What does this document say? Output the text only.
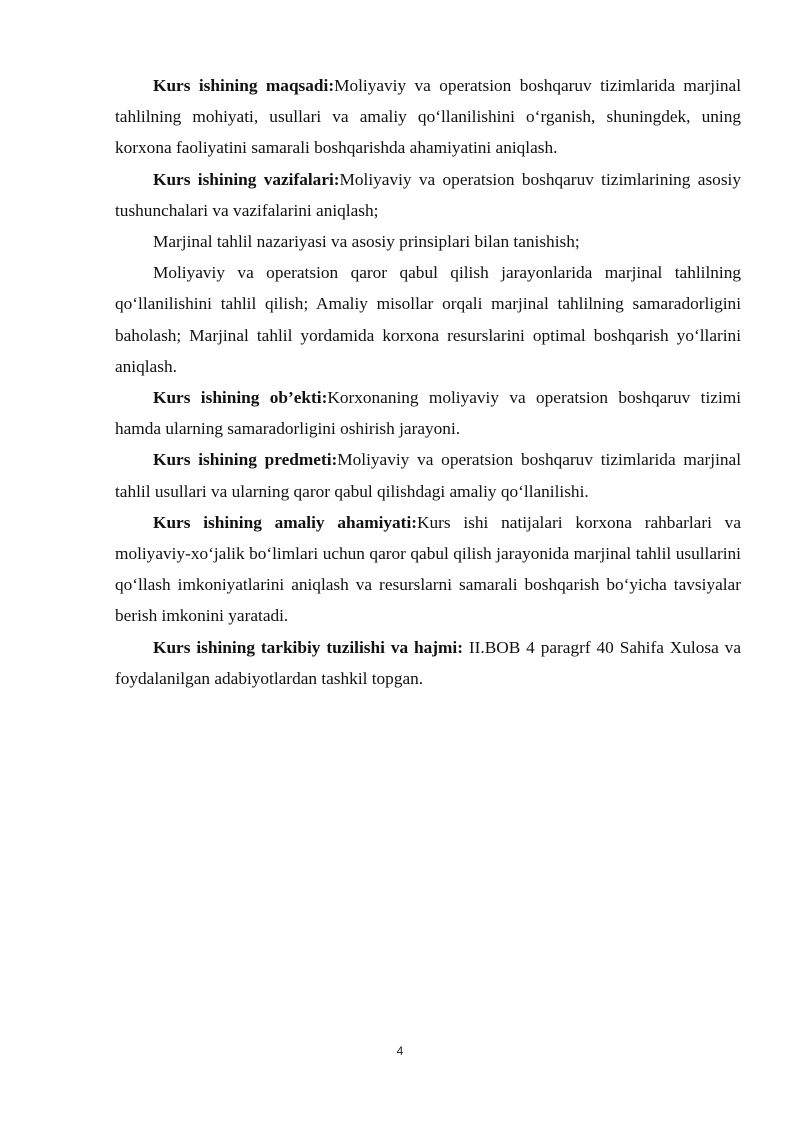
Kurs ishining maqsadi:Moliyaviy va operatsion boshqaruv tizimlarida marjinal tahlilning mohiyati, usullari va amaliy qo‘llanilishini o‘rganish, shuningdek, uning korxona faoliyatini samarali boshqarishda ahamiyatini aniqlash.

Kurs ishining vazifalari:Moliyaviy va operatsion boshqaruv tizimlarining asosiy tushunchalari va vazifalarini aniqlash;

Marjinal tahlil nazariyasi va asosiy prinsiplari bilan tanishish;

Moliyaviy va operatsion qaror qabul qilish jarayonlarida marjinal tahlilning qo‘llanilishini tahlil qilish; Amaliy misollar orqali marjinal tahlilning samaradorligini baholash; Marjinal tahlil yordamida korxona resurslarini optimal boshqarish yo‘llarini aniqlash.

Kurs ishining ob’ekti:Korxonaning moliyaviy va operatsion boshqaruv tizimi hamda ularning samaradorligini oshirish jarayoni.

Kurs ishining predmeti:Moliyaviy va operatsion boshqaruv tizimlarida marjinal tahlil usullari va ularning qaror qabul qilishdagi amaliy qo‘llanilishi.

Kurs ishining amaliy ahamiyati:Kurs ishi natijalari korxona rahbarlari va moliyaviy-xo‘jalik bo‘limlari uchun qaror qabul qilish jarayonida marjinal tahlil usullarini qo‘llash imkoniyatlarini aniqlash va resurslarni samarali boshqarish bo‘yicha tavsiyalar berish imkonini yaratadi.

Kurs ishining tarkibiy tuzilishi va hajmi: II.BOB 4 paragrf 40 Sahifa Xulosa va foydalanilgan adabiyotlardan tashkil topgan.

4
